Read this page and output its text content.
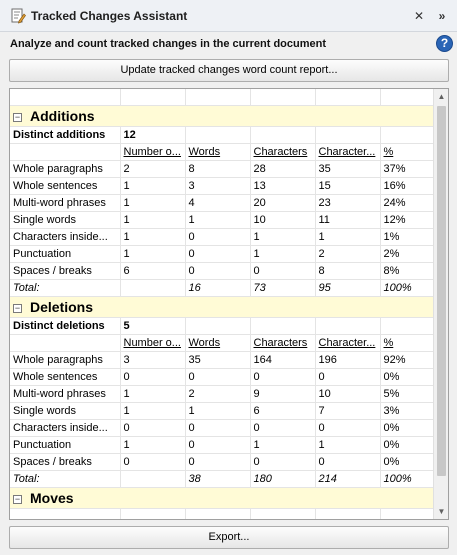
Tracked Changes Assistant	✕	»
Analyze and count tracked changes in the current document	?
Update tracked changes word count report...

− Additions					
Distinct additions	12				
	Number o...	Words	Characters	Character...	%
Whole paragraphs	2	8	28	35	37%
Whole sentences	1	3	13	15	16%
Multi-word phrases	1	4	20	23	24%
Single words	1	1	10	11	12%
Characters inside...	1	0	1	1	1%
Punctuation	1	0	1	2	2%
Spaces / breaks	6	0	0	8	8%
Total:		16	73	95	100%
− Deletions					
Distinct deletions	5				
	Number o...	Words	Characters	Character...	%
Whole paragraphs	3	35	164	196	92%
Whole sentences	0	0	0	0	0%
Multi-word phrases	1	2	9	10	5%
Single words	1	1	6	7	3%
Characters inside...	0	0	0	0	0%
Punctuation	1	0	1	1	0%
Spaces / breaks	0	0	0	0	0%
Total:		38	180	214	100%
− Moves					

▲
▼
Export...
